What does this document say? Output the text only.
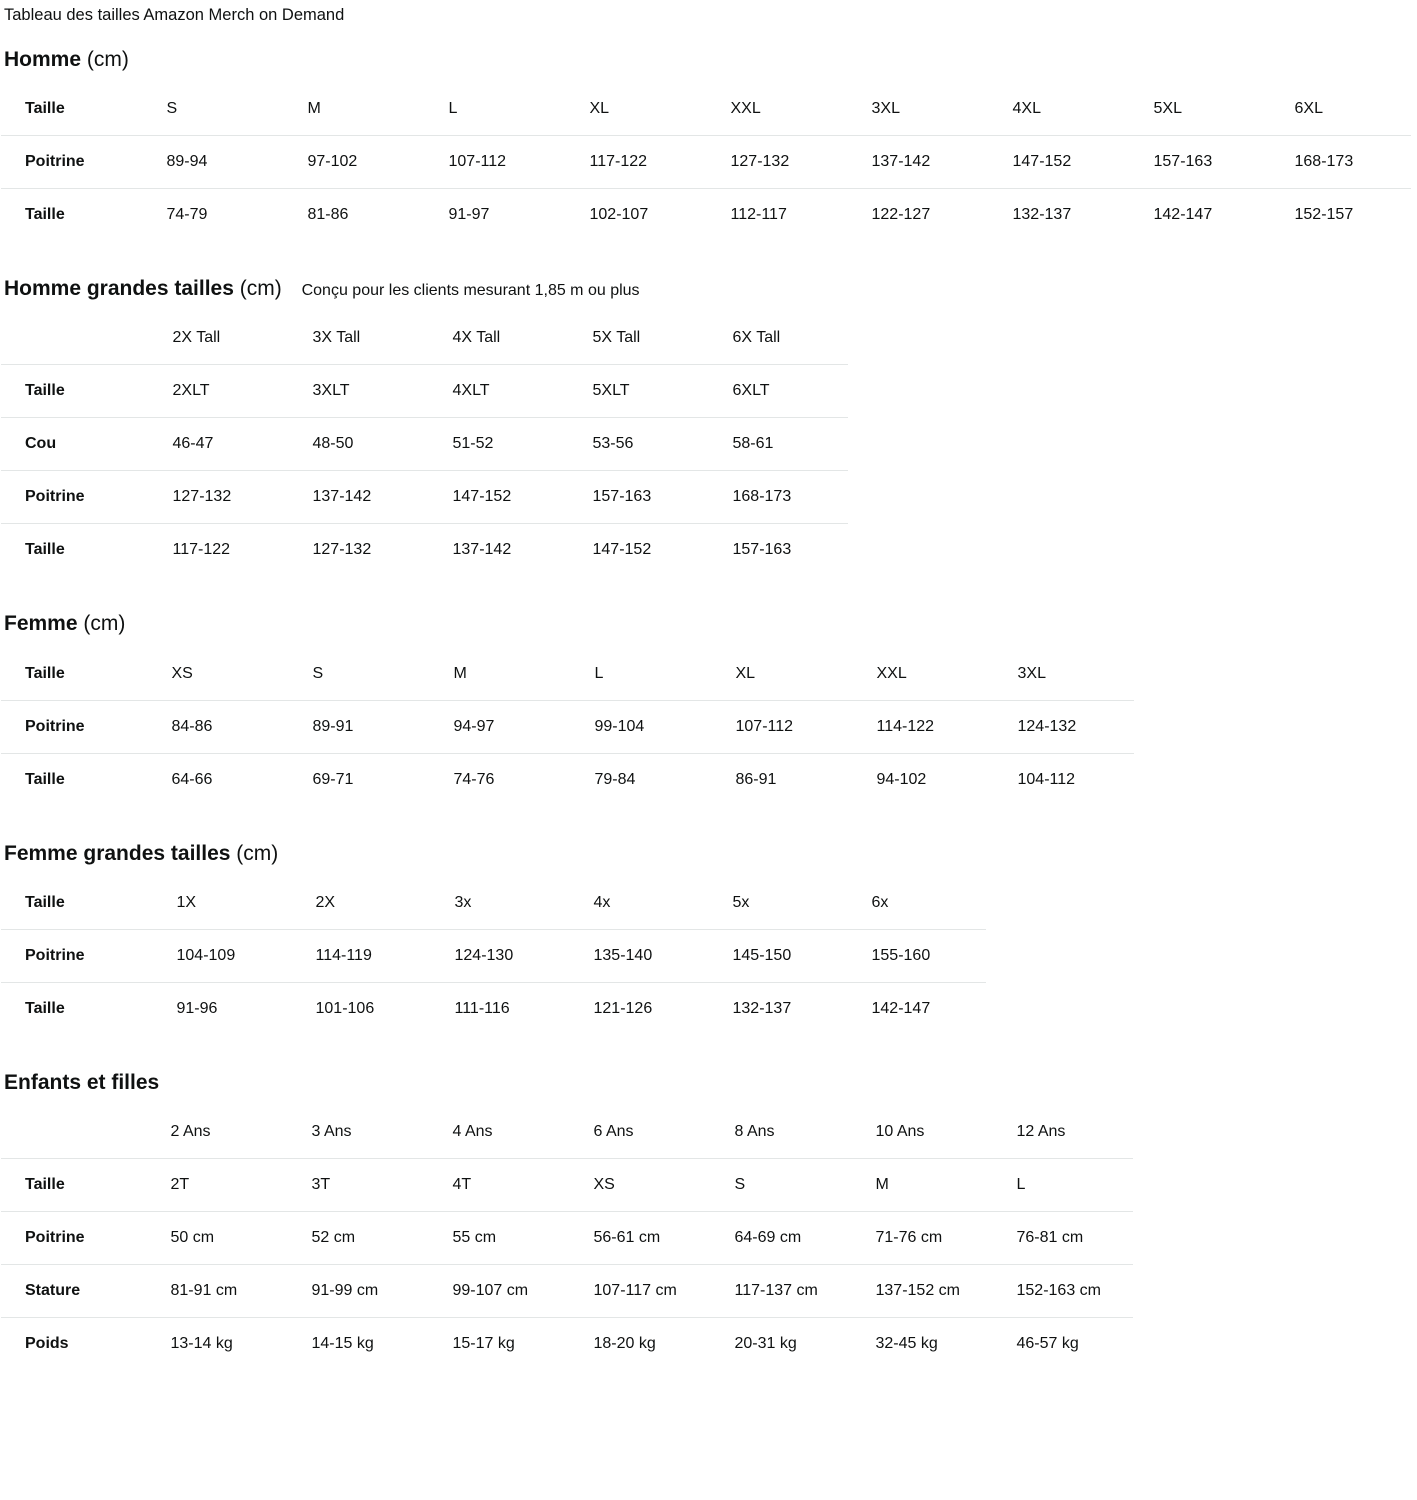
Tableau des tailles Amazon Merch on Demand
Homme (cm)
Taille	S	M	L	XL	XXL	3XL	4XL	5XL	6XL
Poitrine	89-94	97-102	107-112	117-122	127-132	137-142	147-152	157-163	168-173
Taille	74-79	81-86	91-97	102-107	112-117	122-127	132-137	142-147	152-157
Homme grandes tailles (cm) Conçu pour les clients mesurant 1,85 m ou plus
	2X Tall	3X Tall	4X Tall	5X Tall	6X Tall
Taille	2XLT	3XLT	4XLT	5XLT	6XLT
Cou	46-47	48-50	51-52	53-56	58-61
Poitrine	127-132	137-142	147-152	157-163	168-173
Taille	117-122	127-132	137-142	147-152	157-163
Femme (cm)
Taille	XS	S	M	L	XL	XXL	3XL
Poitrine	84-86	89-91	94-97	99-104	107-112	114-122	124-132
Taille	64-66	69-71	74-76	79-84	86-91	94-102	104-112
Femme grandes tailles (cm)
Taille	1X	2X	3x	4x	5x	6x
Poitrine	104-109	114-119	124-130	135-140	145-150	155-160
Taille	91-96	101-106	111-116	121-126	132-137	142-147
Enfants et filles
	2 Ans	3 Ans	4 Ans	6 Ans	8 Ans	10 Ans	12 Ans
Taille	2T	3T	4T	XS	S	M	L
Poitrine	50 cm	52 cm	55 cm	56-61 cm	64-69 cm	71-76 cm	76-81 cm
Stature	81-91 cm	91-99 cm	99-107 cm	107-117 cm	117-137 cm	137-152 cm	152-163 cm
Poids	13-14 kg	14-15 kg	15-17 kg	18-20 kg	20-31 kg	32-45 kg	46-57 kg
